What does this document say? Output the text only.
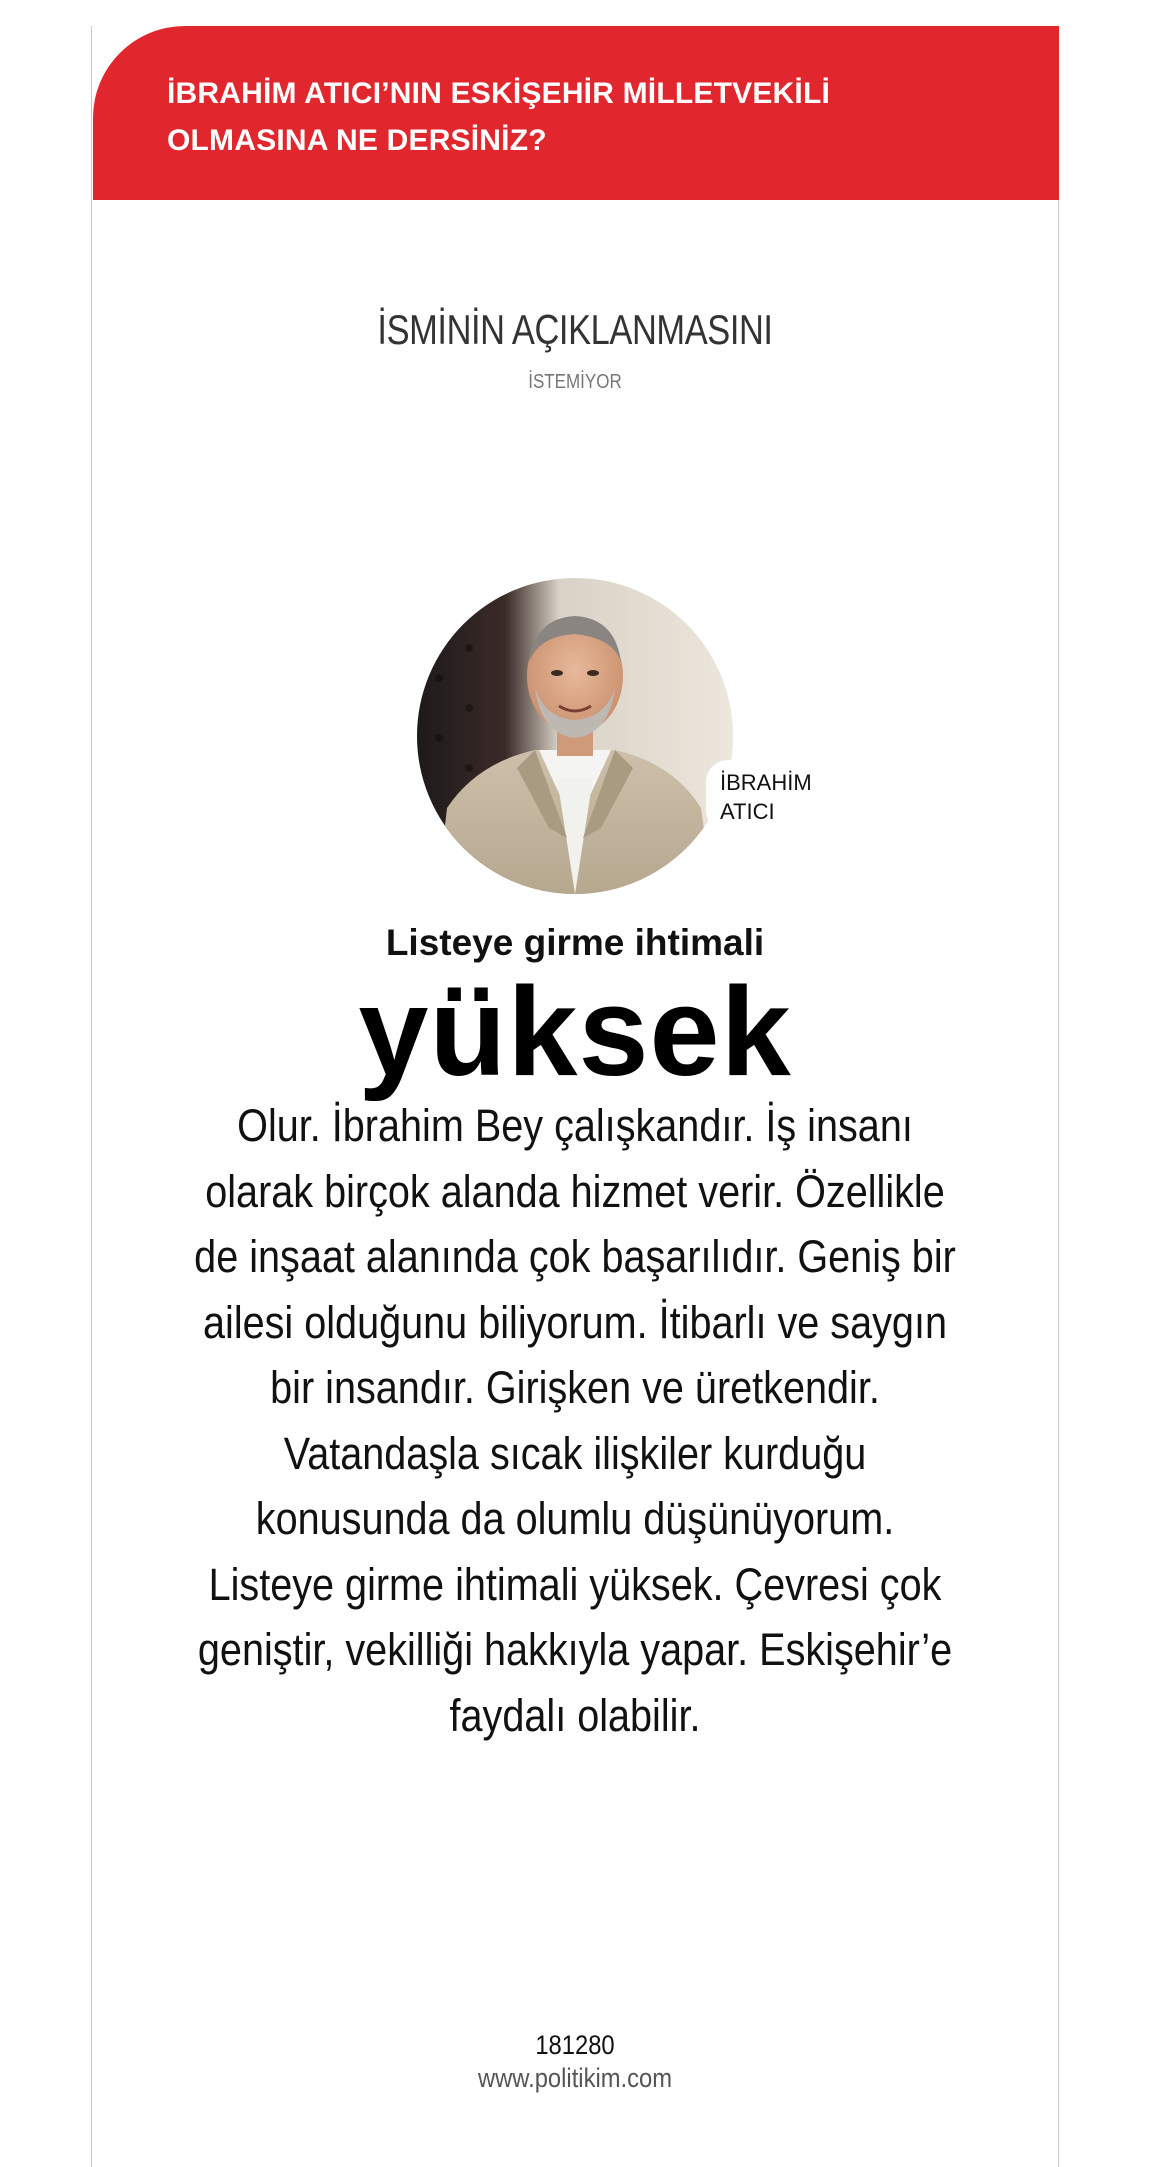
İBRAHİM ATICI’NIN ESKİŞEHİR MİLLETVEKİLİ OLMASINA NE DERSİNİZ?
İSMİNİN AÇIKLANMASINI
İSTEMİYOR
İBRAHİM ATICI
Listeye girme ihtimali
yüksek

Olur. İbrahim Bey çalışkandır. İş insanı olarak birçok alanda hizmet verir. Özellikle de inşaat alanında çok başarılıdır. Geniş bir ailesi olduğunu biliyorum. İtibarlı ve saygın bir insandır. Girişken ve üretkendir. Vatandaşla sıcak ilişkiler kurduğu konusunda da olumlu düşünüyorum. Listeye girme ihtimali yüksek. Çevresi çok geniştir, vekilliği hakkıyla yapar. Eskişehir’e faydalı olabilir.

181280
www.politikim.com
